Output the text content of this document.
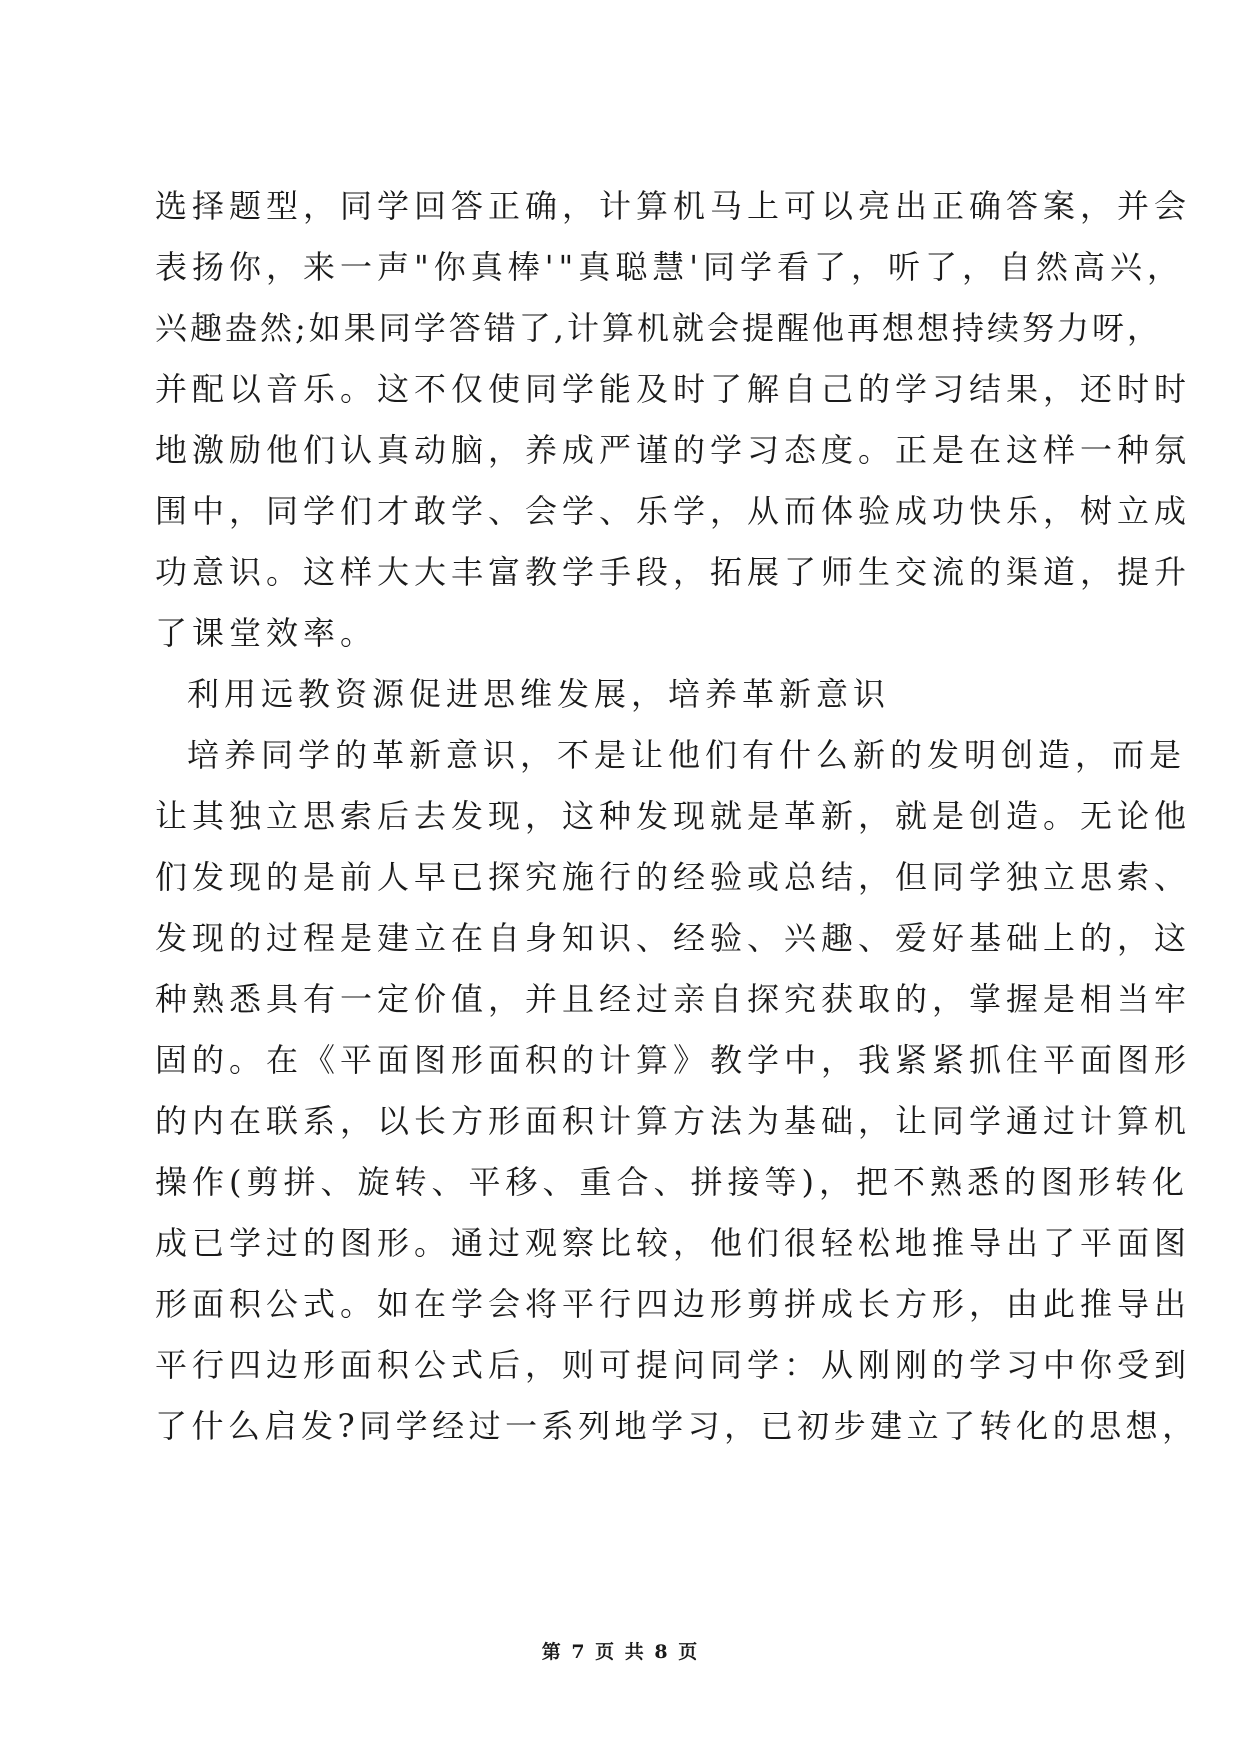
选择题型，同学回答正确，计算机马上可以亮出正确答案，并会
表扬你，来一声"你真棒'"真聪慧'同学看了，听了，自然高兴，
兴趣盎然;如果同学答错了,计算机就会提醒他再想想持续努力呀，
并配以音乐。这不仅使同学能及时了解自己的学习结果，还时时
地激励他们认真动脑，养成严谨的学习态度。正是在这样一种氛
围中，同学们才敢学、会学、乐学，从而体验成功快乐，树立成
功意识。这样大大丰富教学手段，拓展了师生交流的渠道，提升
了课堂效率。
利用远教资源促进思维发展，培养革新意识
培养同学的革新意识，不是让他们有什么新的发明创造，而是
让其独立思索后去发现，这种发现就是革新，就是创造。无论他
们发现的是前人早已探究施行的经验或总结，但同学独立思索、
发现的过程是建立在自身知识、经验、兴趣、爱好基础上的，这
种熟悉具有一定价值，并且经过亲自探究获取的，掌握是相当牢
固的。在《平面图形面积的计算》教学中，我紧紧抓住平面图形
的内在联系，以长方形面积计算方法为基础，让同学通过计算机
操作(剪拼、旋转、平移、重合、拼接等)，把不熟悉的图形转化
成已学过的图形。通过观察比较，他们很轻松地推导出了平面图
形面积公式。如在学会将平行四边形剪拼成长方形，由此推导出
平行四边形面积公式后，则可提问同学：从刚刚的学习中你受到
了什么启发?同学经过一系列地学习，已初步建立了转化的思想，
第 7 页 共 8 页
